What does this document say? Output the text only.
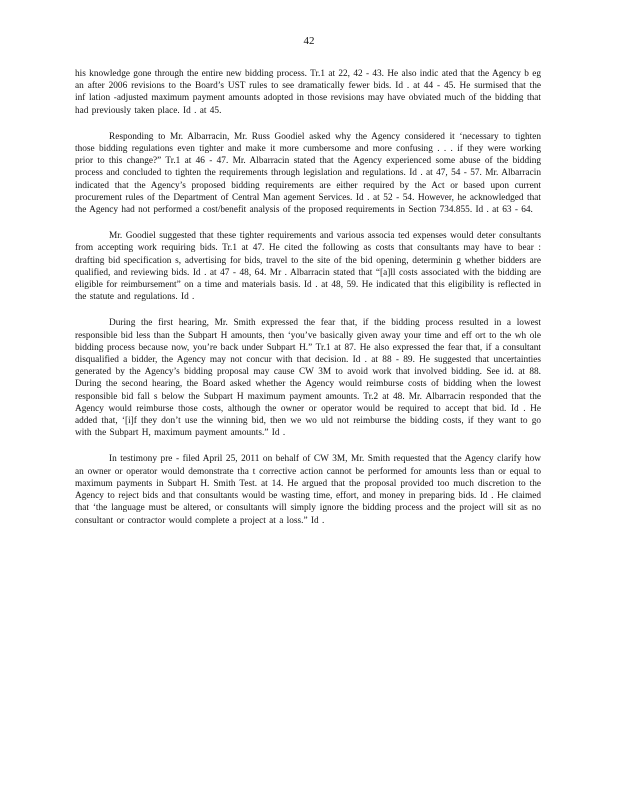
42

his knowledge gone through the entire new bidding process. Tr.1 at 22, 42 - 43. He also indic ated that the Agency b eg an after 2006 revisions to the Board’s UST rules to see dramatically fewer bids. Id . at 44 - 45. He surmised that the inf lation -adjusted maximum payment amounts adopted in those revisions may have obviated much of the bidding that had previously taken place. Id . at 45.

Responding to Mr. Albarracin, Mr. Russ Goodiel asked why the Agency considered it ‘necessary to tighten those bidding regulations even tighter and make it more cumbersome and more confusing . . . if they were working prior to this change?” Tr.1 at 46 - 47. Mr. Albarracin stated that the Agency experienced some abuse of the bidding process and concluded to tighten the requirements through legislation and regulations. Id . at 47, 54 - 57. Mr. Albarracin indicated that the Agency’s proposed bidding requirements are either required by the Act or based upon current procurement rules of the Department of Central Man agement Services. Id . at 52 - 54. However, he acknowledged that the Agency had not performed a cost/benefit analysis of the proposed requirements in Section 734.855. Id . at 63 - 64.

Mr. Goodiel suggested that these tighter requirements and various associa ted expenses would deter consultants from accepting work requiring bids. Tr.1 at 47. He cited the following as costs that consultants may have to bear : drafting bid specification s, advertising for bids, travel to the site of the bid opening, determinin g whether bidders are qualified, and reviewing bids. Id . at 47 - 48, 64. Mr . Albarracin stated that “[a]ll costs associated with the bidding are eligible for reimbursement” on a time and materials basis. Id . at 48, 59. He indicated that this eligibility is reflected in the statute and regulations. Id .

During the first hearing, Mr. Smith expressed the fear that, if the bidding process resulted in a lowest responsible bid less than the Subpart H amounts, then ‘you’ve basically given away your time and eff ort to the wh ole bidding process because now, you’re back under Subpart H.” Tr.1 at 87. He also expressed the fear that, if a consultant disqualified a bidder, the Agency may not concur with that decision. Id . at 88 - 89. He suggested that uncertainties generated by the Agency’s bidding proposal may cause CW 3M to avoid work that involved bidding. See id. at 88. During the second hearing, the Board asked whether the Agency would reimburse costs of bidding when the lowest responsible bid fall s below the Subpart H maximum payment amounts. Tr.2 at 48. Mr. Albarracin responded that the Agency would reimburse those costs, although the owner or operator would be required to accept that bid. Id . He added that, ‘[i]f they don’t use the winning bid, then we wo uld not reimburse the bidding costs, if they want to go with the Subpart H, maximum payment amounts.” Id .

In testimony pre - filed April 25, 2011 on behalf of CW 3M, Mr. Smith requested that the Agency clarify how an owner or operator would demonstrate tha t corrective action cannot be performed for amounts less than or equal to maximum payments in Subpart H. Smith Test. at 14. He argued that the proposal provided too much discretion to the Agency to reject bids and that consultants would be wasting time, effort, and money in preparing bids. Id . He claimed that ‘the language must be altered, or consultants will simply ignore the bidding process and the project will sit as no consultant or contractor would complete a project at a loss.” Id .
